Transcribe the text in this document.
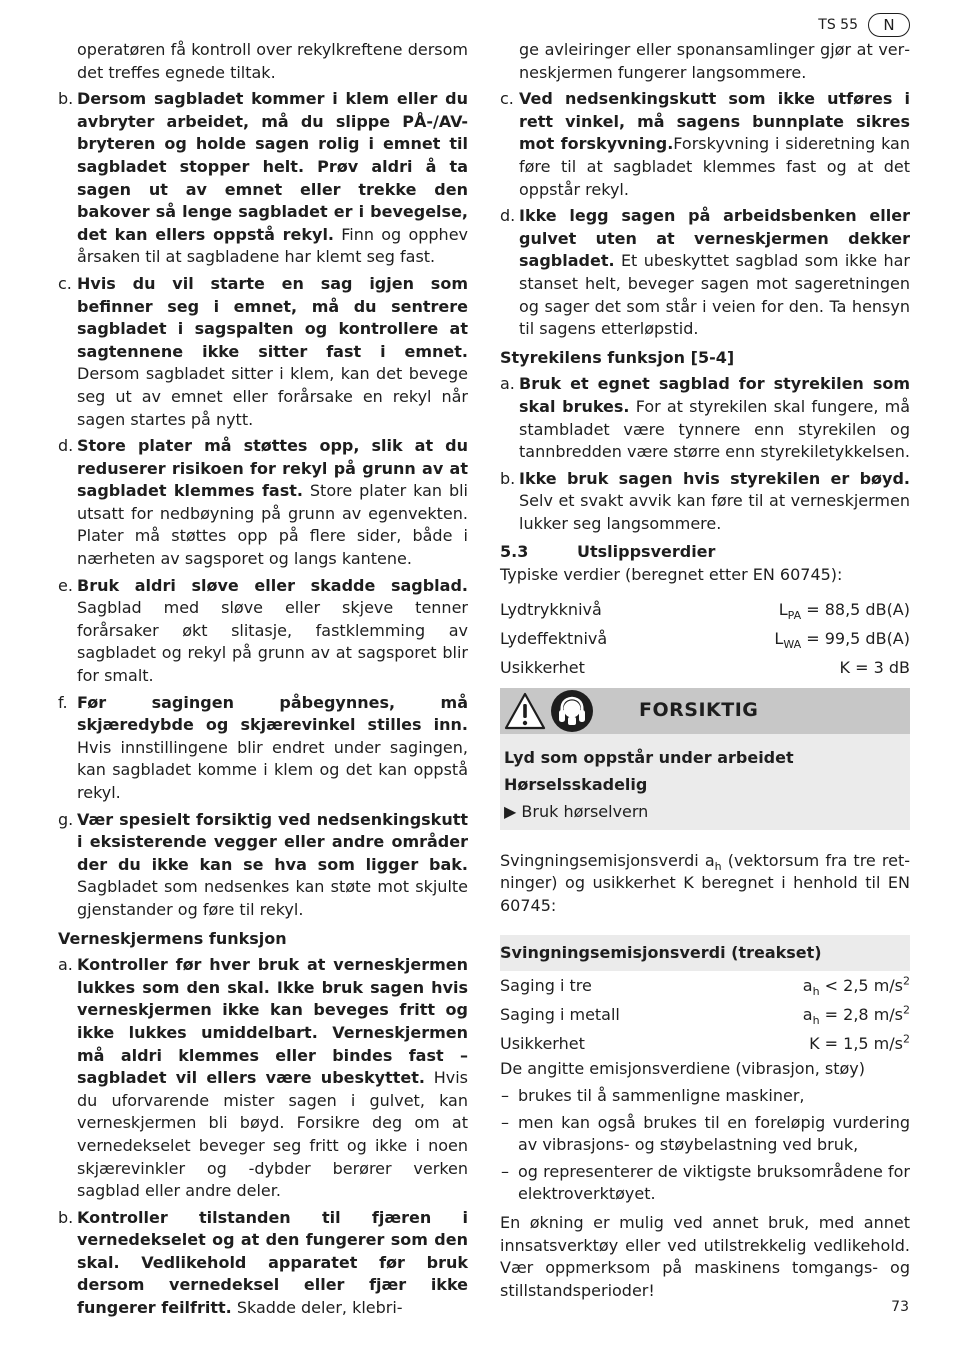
TS 55	N

operatøren få kontroll over rekylkreftene dersom det treffes egnede tiltak.

b. Dersom sagbladet kommer i klem eller du avbryter arbeidet, må du slippe PÅ-/AV-bryteren og holde sagen rolig i emnet til sagbladet stopper helt. Prøv aldri å ta sagen ut av emnet eller trekke den bakover så lenge sagbladet er i bevegelse, det kan ellers oppstå rekyl. Finn og opphev årsaken til at sagbladene har klemt seg fast.
c. Hvis du vil starte en sag igjen som befinner seg i emnet, må du sentrere sagbladet i sagspalten og kontrollere at sagtennene ikke sitter fast i emnet. Dersom sagbladet sitter i klem, kan det bevege seg ut av emnet eller forårsake en rekyl når sagen startes på nytt.
d. Store plater må støttes opp, slik at du reduserer risikoen for rekyl på grunn av at sagbladet klemmes fast. Store plater kan bli utsatt for nedbøyning på grunn av egenvekten. Plater må støttes opp på flere sider, både i nærheten av sagsporet og langs kantene.
e. Bruk aldri sløve eller skadde sagblad. Sagblad med sløve eller skjeve tenner forårsaker økt slitasje, fastklemming av sagbladet og rekyl på grunn av at sagsporet blir for smalt.
f. Før sagingen påbegynnes, må skjæredybde og skjærevinkel stilles inn. Hvis innstillingene blir endret under sagingen, kan sagbladet komme i klem og det kan oppstå rekyl.
g. Vær spesielt forsiktig ved nedsenkingskutt i eksisterende vegger eller andre områder der du ikke kan se hva som ligger bak. Sagbladet som nedsenkes kan støte mot skjulte gjenstander og føre til rekyl.

Verneskjermens funksjon

a. Kontroller før hver bruk at verneskjermen lukkes som den skal. Ikke bruk sagen hvis verneskjermen ikke kan beveges fritt og ikke lukkes umiddelbart. Verneskjermen må aldri klemmes eller bindes fast – sagbladet vil ellers være ubeskyttet. Hvis du uforvarende mister sagen i gulvet, kan verneskjermen bli bøyd. Forsikre deg om at vernedekselet beveger seg fritt og ikke i noen skjærevinkler og -dybder berører verken sagblad eller andre deler.
b. Kontroller tilstanden til fjæren i vernedekselet og at den fungerer som den skal. Vedlikehold apparatet før bruk dersom vernedeksel eller fjær ikke fungerer feilfritt. Skadde deler, klebri-

ge avleiringer eller sponansamlinger gjør at verneskjermen fungerer langsommere.

c. Ved nedsenkingskutt som ikke utføres i rett vinkel, må sagens bunnplate sikres mot forskyvning.Forskyvning i sideretning kan føre til at sagbladet klemmes fast og at det oppstår rekyl.
d. Ikke legg sagen på arbeidsbenken eller gulvet uten at verneskjermen dekker sagbladet. Et ubeskyttet sagblad som ikke har stanset helt, beveger sagen mot sageretningen og sager det som står i veien for den. Ta hensyn til sagens etterløpstid.

Styrekilens funksjon [5-4]

a. Bruk et egnet sagblad for styrekilen som skal brukes. For at styrekilen skal fungere, må stambladet være tynnere enn styrekilen og tannbredden være større enn styrekiletykkelsen.
b. Ikke bruk sagen hvis styrekilen er bøyd. Selv et svakt avvik kan føre til at verneskjermen lukker seg langsommere.

5.3	Utslippsverdier

Typiske verdier (beregnet etter EN 60745):

Lydtrykknivå	$L_{PA} = 88,5$ dB(A)
Lydeffektnivå	$L_{WA} = 99,5$ dB(A)
Usikkerhet	K = 3 dB
FORSIKTIG
Lyd som oppstår under arbeidet
Hørselsskadelig
▶ Bruk hørselvern

Svingningsemisjonsverdi $a_h$ (vektorsum fra tre retninger) og usikkerhet K beregnet i henhold til EN 60745:

Svingningsemisjonsverdi (treakset)
Saging i tre	$a_h < 2,5$ $m/s^2$
Saging i metall	$a_h = 2,8$ $m/s^2$
Usikkerhet	K = 1,5 $m/s^2$

De angitte emisjonsverdiene (vibrasjon, støy)

– brukes til å sammenligne maskiner,
– men kan også brukes til en foreløpig vurdering av vibrasjons- og støybelastning ved bruk,
– og representerer de viktigste bruksområdene for elektroverktøyet.

En økning er mulig ved annet bruk, med annet innsatsverktøy eller ved utilstrekkelig vedlikehold. Vær oppmerksom på maskinens tomgangs- og stillstandsperioder!

73
